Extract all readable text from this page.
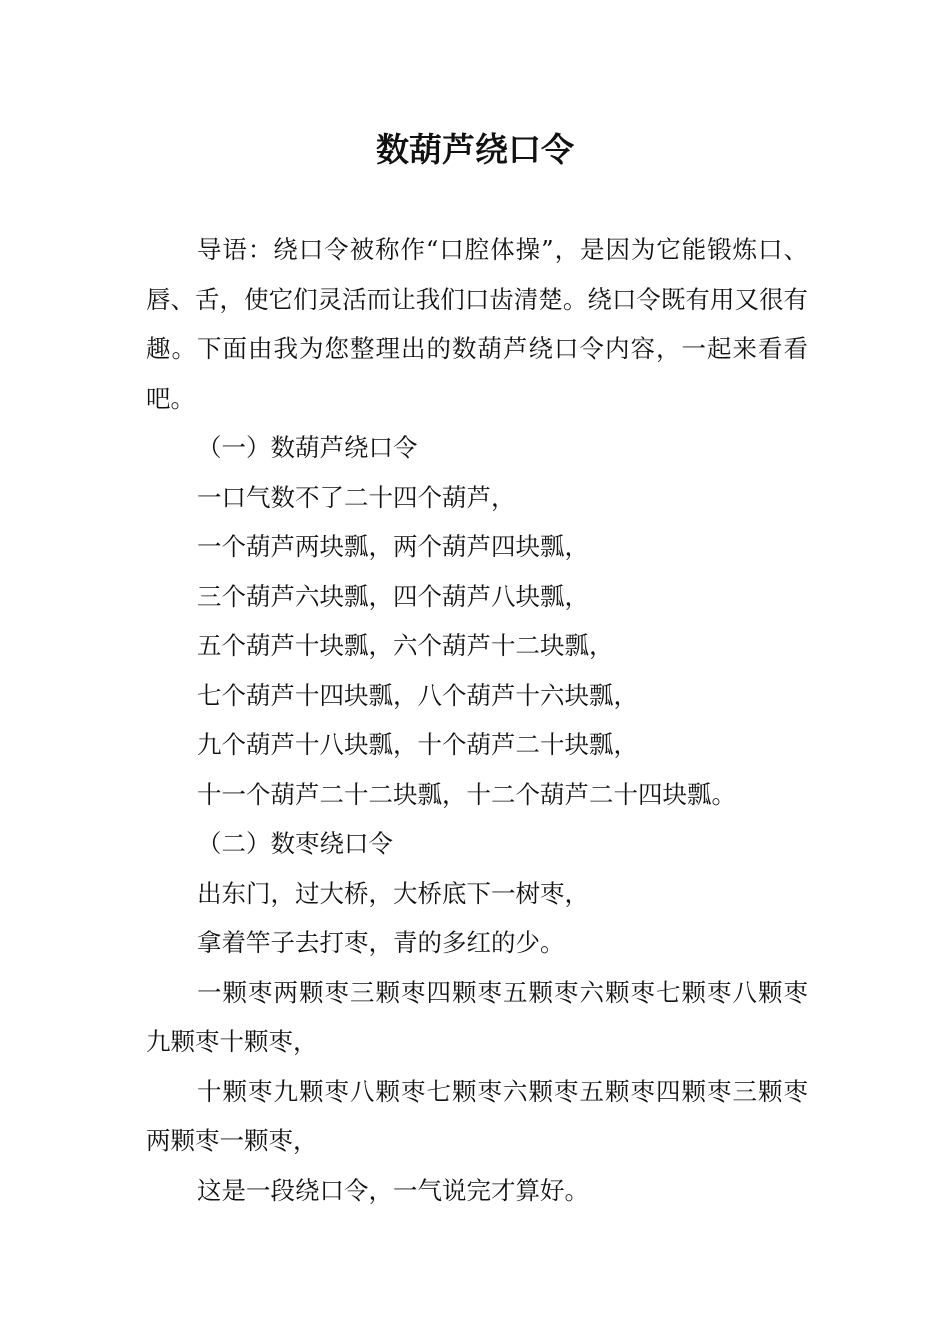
数葫芦绕口令

导语：绕口令被称作“口腔体操”，是因为它能锻炼口、唇、舌，使它们灵活而让我们口齿清楚。绕口令既有用又很有趣。下面由我为您整理出的数葫芦绕口令内容，一起来看看吧。

（一）数葫芦绕口令

一口气数不了二十四个葫芦，

一个葫芦两块瓢，两个葫芦四块瓢，

三个葫芦六块瓢，四个葫芦八块瓢，

五个葫芦十块瓢，六个葫芦十二块瓢，

七个葫芦十四块瓢，八个葫芦十六块瓢，

九个葫芦十八块瓢，十个葫芦二十块瓢，

十一个葫芦二十二块瓢，十二个葫芦二十四块瓢。

（二）数枣绕口令

出东门，过大桥，大桥底下一树枣，

拿着竿子去打枣，青的多红的少。

一颗枣两颗枣三颗枣四颗枣五颗枣六颗枣七颗枣八颗枣九颗枣十颗枣，

十颗枣九颗枣八颗枣七颗枣六颗枣五颗枣四颗枣三颗枣两颗枣一颗枣，

这是一段绕口令，一气说完才算好。
